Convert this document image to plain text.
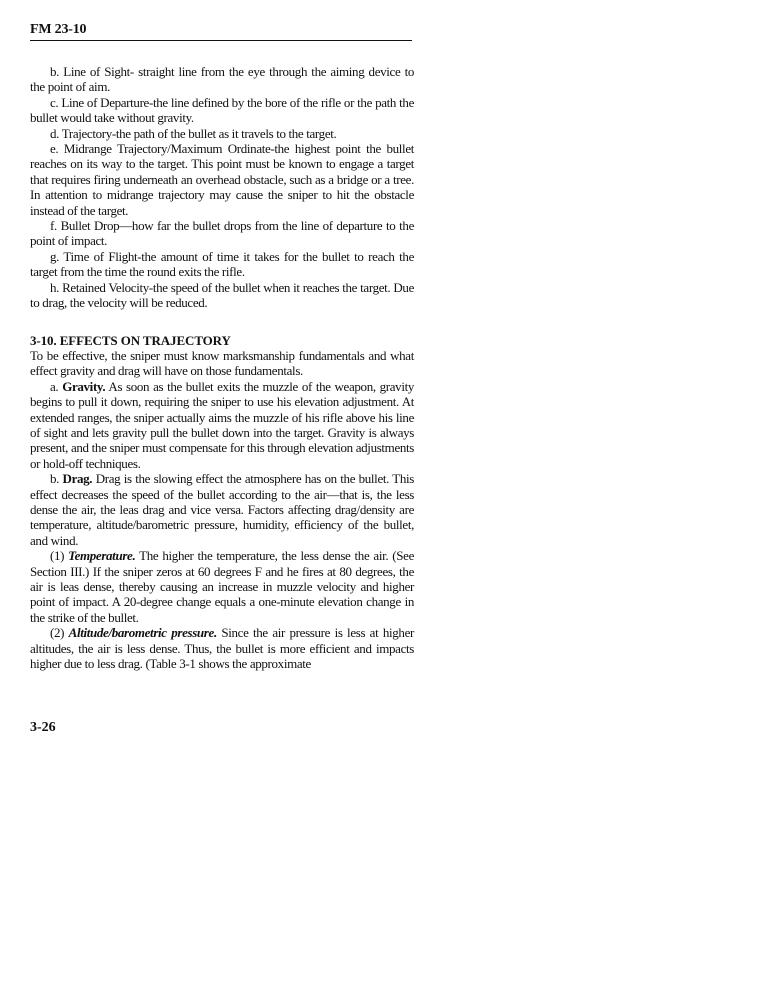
FM 23-10

b. Line of Sight- straight line from the eye through the aiming device to the point of aim.

c. Line of Departure-the line defined by the bore of the rifle or the path the bullet would take without gravity.

d. Trajectory-the path of the bullet as it travels to the target.

e. Midrange Trajectory/Maximum Ordinate-the highest point the bullet reaches on its way to the target. This point must be known to engage a target that requires firing underneath an overhead obstacle, such as a bridge or a tree. In attention to midrange trajectory may cause the sniper to hit the obstacle instead of the target.

f. Bullet Drop—how far the bullet drops from the line of departure to the point of impact.

g. Time of Flight-the amount of time it takes for the bullet to reach the target from the time the round exits the rifle.

h. Retained Velocity-the speed of the bullet when it reaches the target. Due to drag, the velocity will be reduced.

3-10. EFFECTS ON TRAJECTORY

To be effective, the sniper must know marksmanship fundamentals and what effect gravity and drag will have on those fundamentals.

a. Gravity. As soon as the bullet exits the muzzle of the weapon, gravity begins to pull it down, requiring the sniper to use his elevation adjustment. At extended ranges, the sniper actually aims the muzzle of his rifle above his line of sight and lets gravity pull the bullet down into the target. Gravity is always present, and the sniper must compensate for this through elevation adjustments or hold-off techniques.

b. Drag. Drag is the slowing effect the atmosphere has on the bullet. This effect decreases the speed of the bullet according to the air—that is, the less dense the air, the leas drag and vice versa. Factors affecting drag/density are temperature, altitude/barometric pressure, humidity, efficiency of the bullet, and wind.

(1) Temperature. The higher the temperature, the less dense the air. (See Section III.) If the sniper zeros at 60 degrees F and he fires at 80 degrees, the air is leas dense, thereby causing an increase in muzzle velocity and higher point of impact. A 20-degree change equals a one-minute elevation change in the strike of the bullet.

(2) Altitude/barometric pressure. Since the air pressure is less at higher altitudes, the air is less dense. Thus, the bullet is more efficient and impacts higher due to less drag. (Table 3-1 shows the approximate

3-26
